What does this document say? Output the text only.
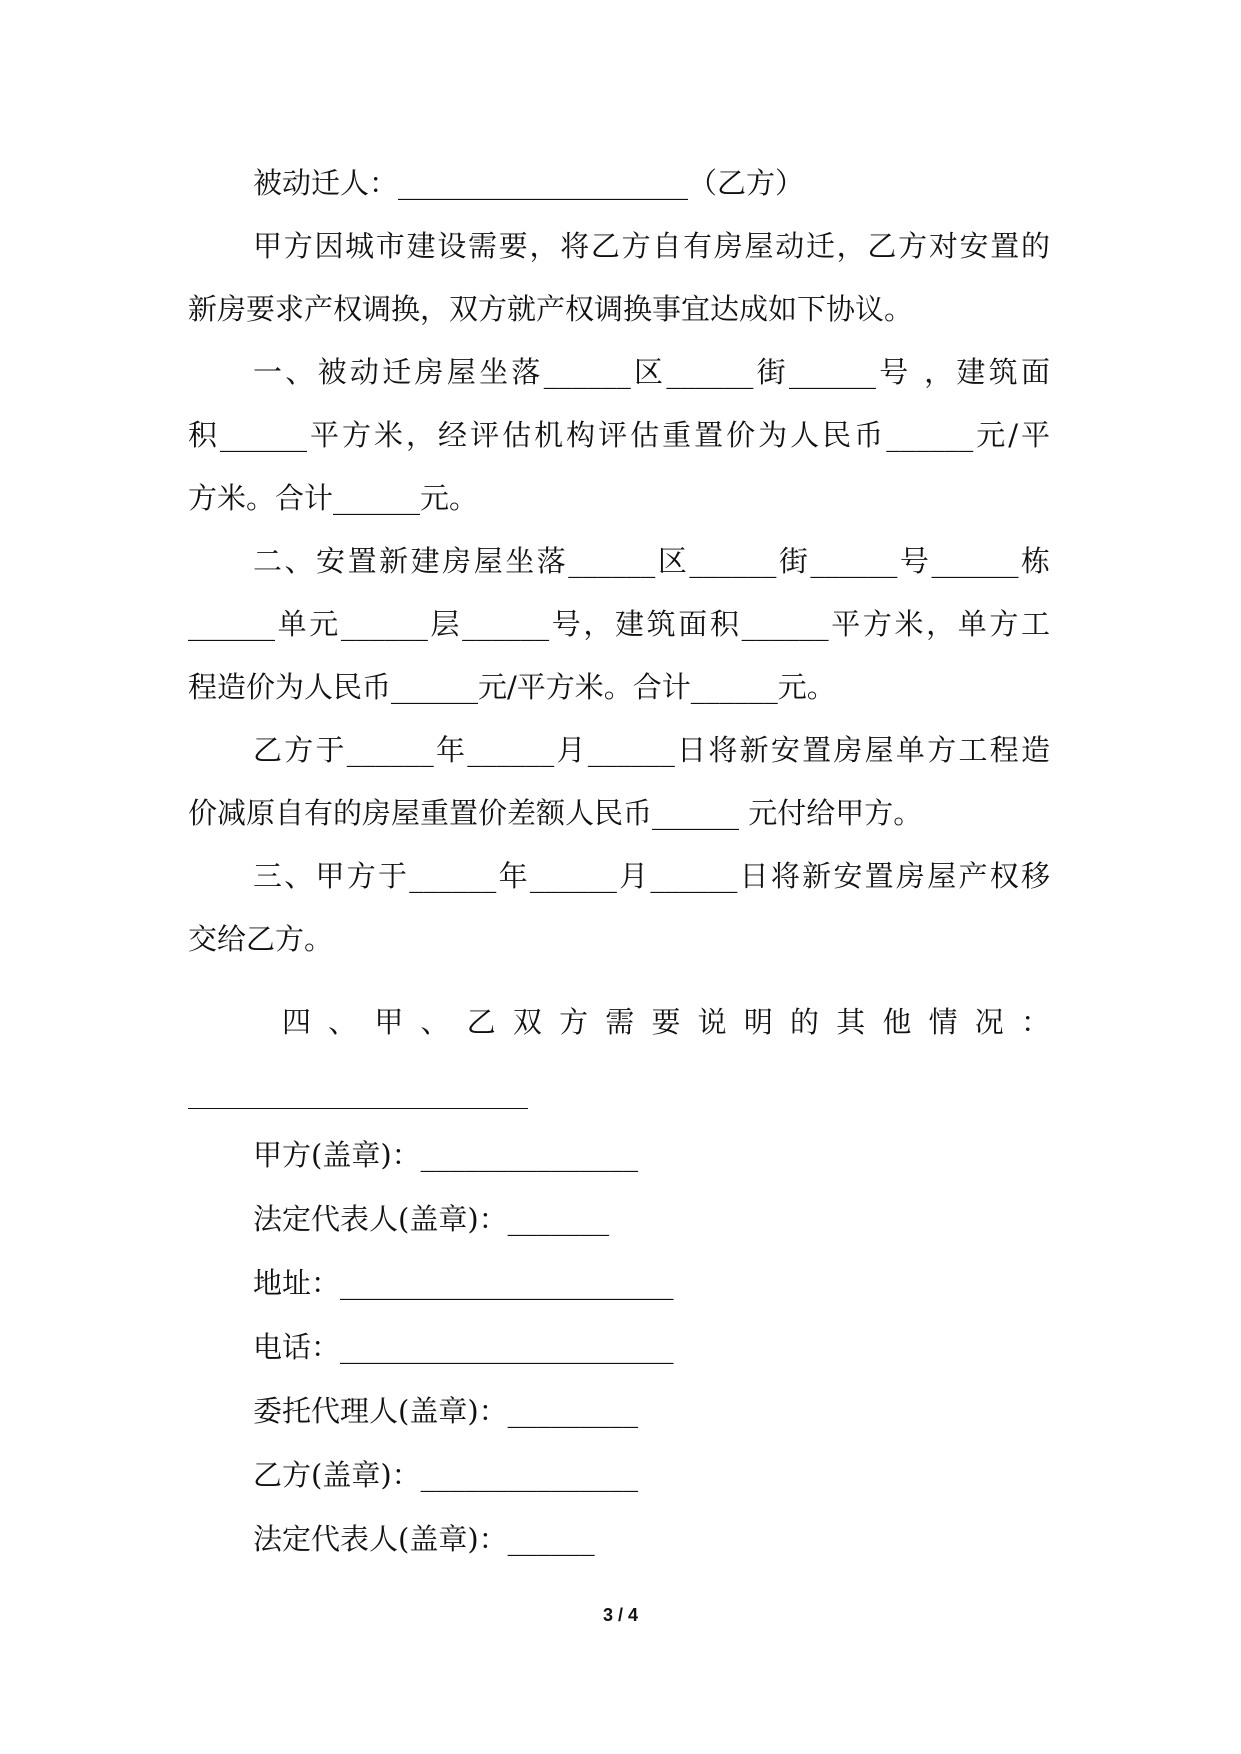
被动迁人：____________________（乙方）
甲方因城市建设需要，将乙方自有房屋动迁，乙方对安置的
新房要求产权调换，双方就产权调换事宜达成如下协议。
一、被动迁房屋坐落______区______街______号 ，建筑面
积______平方米，经评估机构评估重置价为人民币______元/平
方米。合计______元。
二、安置新建房屋坐落______区______街______号______栋
______单元______层______号，建筑面积______平方米，单方工
程造价为人民币______元/平方米。合计______元。
乙方于______年______月______日将新安置房屋单方工程造
价减原自有的房屋重置价差额人民币______ 元付给甲方。
三、甲方于______年______月______日将新安置房屋产权移
交给乙方。
四、甲、乙双方需要说明的其他情况：
甲方(盖章)：_______________
法定代表人(盖章)：_______
地址：_______________________
电话：_______________________
委托代理人(盖章)：_________
乙方(盖章)：_______________
法定代表人(盖章)：______
3 / 4
